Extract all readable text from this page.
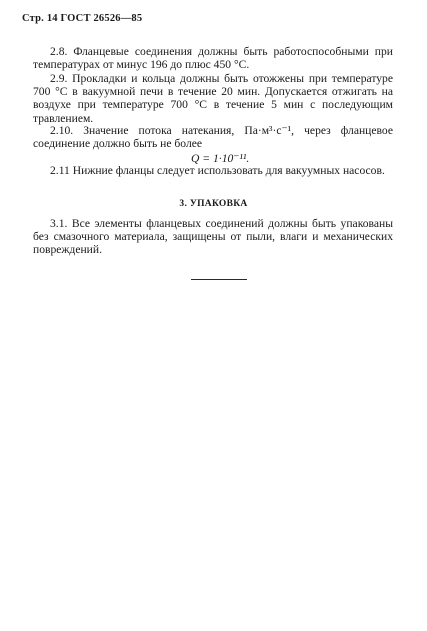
Стр. 14 ГОСТ 26526—85

2.8. Фланцевые соединения должны быть работоспособными при температурах от минус 196 до плюс 450 °С.

2.9. Прокладки и кольца должны быть отожжены при температуре 700 °С в вакуумной печи в течение 20 мин. Допускается отжигать на воздухе при температуре 700 °С в течение 5 мин с последующим травлением.

2.10. Значение потока натекания, Па·м³·с⁻¹, через фланцевое соединение должно быть не более

Q = 1·10⁻¹¹.

2.11 Нижние фланцы следует использовать для вакуумных насосов.

3. УПАКОВКА

3.1. Все элементы фланцевых соединений должны быть упакованы без смазочного материала, защищены от пыли, влаги и механических повреждений.
